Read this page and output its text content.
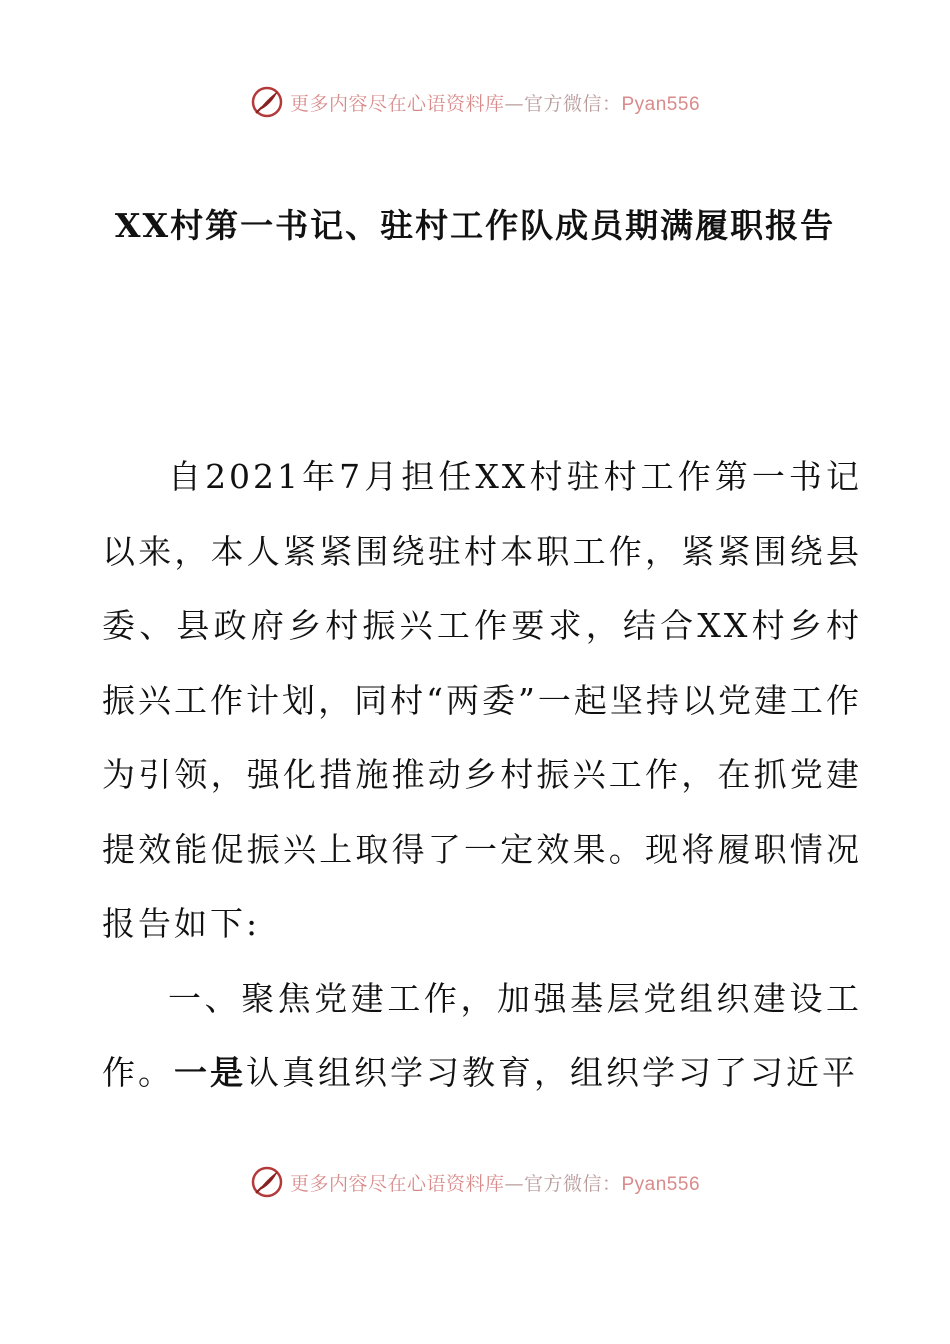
更多内容尽在心语资料库—官方微信：Pyan556
XX村第一书记、驻村工作队成员期满履职报告

自2021年7月担任XX村驻村工作第一书记以来，本人紧紧围绕驻村本职工作，紧紧围绕县委、县政府乡村振兴工作要求，结合XX村乡村振兴工作计划，同村“两委”一起坚持以党建工作为引领，强化措施推动乡村振兴工作，在抓党建提效能促振兴上取得了一定效果。现将履职情况报告如下:

一、聚焦党建工作，加强基层党组织建设工作。一是认真组织学习教育，组织学习了习近平

更多内容尽在心语资料库—官方微信：Pyan556
